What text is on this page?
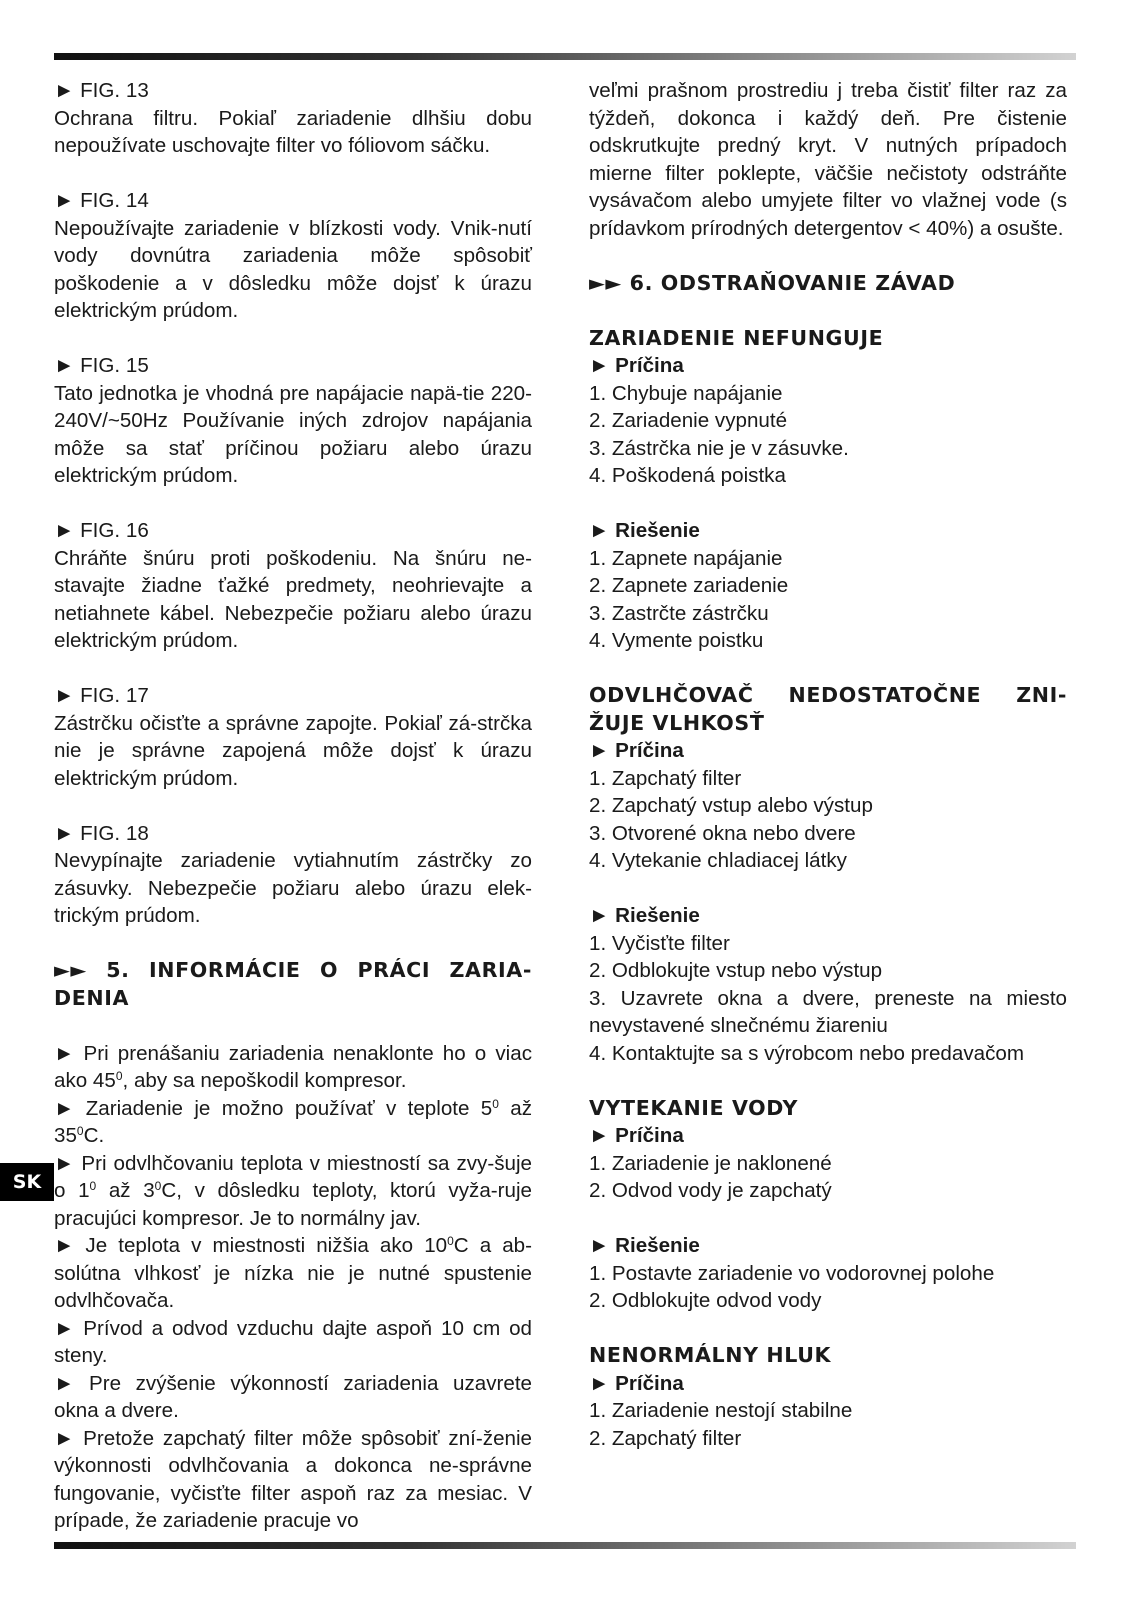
SK

► FIG. 13
Ochrana filtru. Pokiaľ zariadenie dlhšiu dobu nepoužívate uschovajte filter vo fóliovom sáčku.

► FIG. 14
Nepoužívajte zariadenie v blízkosti vody. Vnik-nutí vody dovnútra zariadenia môže spôsobiť poškodenie a v dôsledku môže dojsť k úrazu elektrickým prúdom.

► FIG. 15
Tato jednotka je vhodná pre napájacie napä-tie 220-240V/~50Hz Používanie iných zdrojov napájania môže sa stať príčinou požiaru alebo úrazu elektrickým prúdom.

► FIG. 16
Chráňte šnúru proti poškodeniu. Na šnúru ne-stavajte žiadne ťažké predmety, neohrievajte a netiahnete kábel. Nebezpečie požiaru alebo úrazu elektrickým prúdom.

► FIG. 17
Zástrčku očisťte a správne zapojte. Pokiaľ zá-strčka nie je správne zapojená môže dojsť k úrazu elektrickým prúdom.

► FIG. 18
Nevypínajte zariadenie vytiahnutím zástrčky zo zásuvky. Nebezpečie požiaru alebo úrazu elek-trickým prúdom.

►► 5. INFORMÁCIE O PRÁCI ZARIA-DENIA
► Pri prenášaniu zariadenia nenaklonte ho o viac ako $45^0$, aby sa nepoškodil kompresor.
► Zariadenie je možno používať v teplote $5^0$ až $35^0C$.
► Pri odvlhčovaniu teplota v miestností sa zvy-šuje o $1^0$ až $3^0C$, v dôsledku teploty, ktorú vyža-ruje pracujúci kompresor. Je to normálny jav.
► Je teplota v miestnosti nižšia ako $10^0C$ a ab-solútna vlhkosť je nízka nie je nutné spustenie odvlhčovača.
► Prívod a odvod vzduchu dajte aspoň 10 cm od steny.
► Pre zvýšenie výkonností zariadenia uzavrete okna a dvere.
► Pretože zapchatý filter môže spôsobiť zní-ženie výkonnosti odvlhčovania a dokonca ne-správne fungovanie, vyčisťte filter aspoň raz za mesiac. V prípade, že zariadenie pracuje vo

veľmi prašnom prostrediu j treba čistiť filter raz za týždeň, dokonca i každý deň. Pre čistenie odskrutkujte predný kryt. V nutných prípadoch mierne filter poklepte, väčšie nečistoty odstráňte vysávačom alebo umyjete filter vo vlažnej vode (s prídavkom prírodných detergentov < 40%) a osušte.

►► 6. ODSTRAŇOVANIE ZÁVAD
ZARIADENIE NEFUNGUJE
► Príčina
1. Chybuje napájanie
2. Zariadenie vypnuté
3. Zástrčka nie je v zásuvke.
4. Poškodená poistka
► Riešenie
1. Zapnete napájanie
2. Zapnete zariadenie
3. Zastrčte zástrčku
4. Vymente poistku
ODVLHČOVAČ NEDOSTATOČNE ZNI-ŽUJE VLHKOSŤ
► Príčina
1. Zapchatý filter
2. Zapchatý vstup alebo výstup
3. Otvorené okna nebo dvere
4. Vytekanie chladiacej látky
► Riešenie
1. Vyčisťte filter
2. Odblokujte vstup nebo výstup
3. Uzavrete okna a dvere, preneste na miesto nevystavené slnečnému žiareniu
4. Kontaktujte sa s výrobcom nebo predavačom
VYTEKANIE VODY
► Príčina
1. Zariadenie je naklonené
2. Odvod vody je zapchatý
► Riešenie
1. Postavte zariadenie vo vodorovnej polohe
2. Odblokujte odvod vody
NENORMÁLNY HLUK
► Príčina
1. Zariadenie nestojí stabilne
2. Zapchatý filter
